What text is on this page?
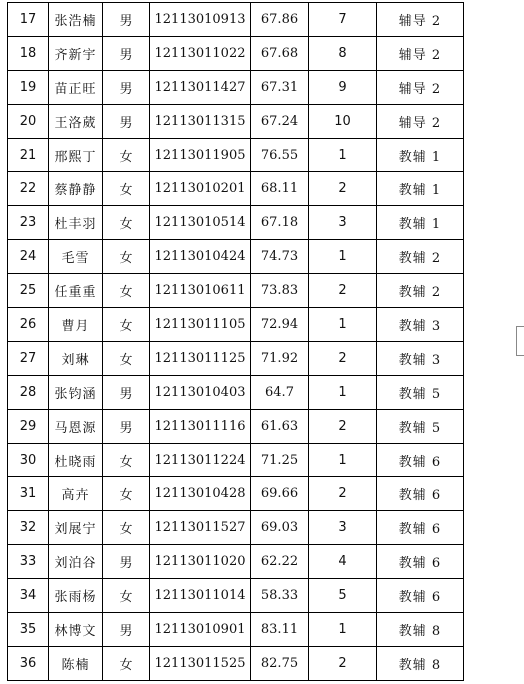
17	张浩楠	男	12113010913	67.86	7	辅导 2
18	齐新宇	男	12113011022	67.68	8	辅导 2
19	苗正旺	男	12113011427	67.31	9	辅导 2
20	王洛葳	男	12113011315	67.24	10	辅导 2
21	邢熙丁	女	12113011905	76.55	1	教辅 1
22	蔡静静	女	12113010201	68.11	2	教辅 1
23	杜丰羽	女	12113010514	67.18	3	教辅 1
24	毛雪	女	12113010424	74.73	1	教辅 2
25	任重重	女	12113010611	73.83	2	教辅 2
26	曹月	女	12113011105	72.94	1	教辅 3
27	刘琳	女	12113011125	71.92	2	教辅 3
28	张钧涵	男	12113010403	64.7	1	教辅 5
29	马恩源	男	12113011116	61.63	2	教辅 5
30	杜晓雨	女	12113011224	71.25	1	教辅 6
31	高卉	女	12113010428	69.66	2	教辅 6
32	刘展宁	女	12113011527	69.03	3	教辅 6
33	刘泊谷	男	12113011020	62.22	4	教辅 6
34	张雨杨	女	12113011014	58.33	5	教辅 6
35	林博文	男	12113010901	83.11	1	教辅 8
36	陈楠	女	12113011525	82.75	2	教辅 8
